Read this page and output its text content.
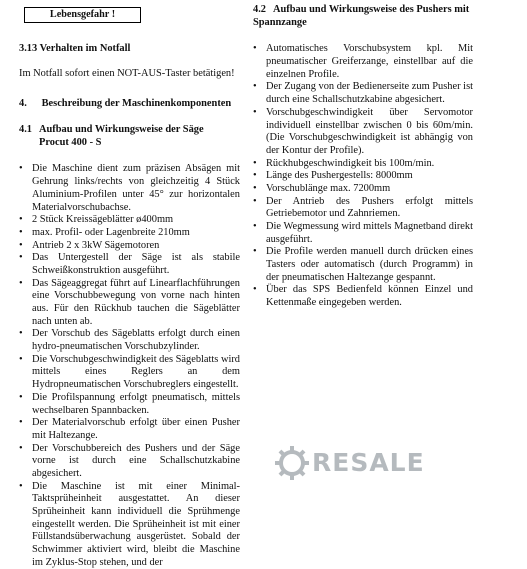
Lebensgefahr !
3.13 Verhalten im Notfall

Im Notfall sofort einen NOT-AUS-Taster betätigen!

4. Beschreibung der Maschinenkomponenten
4.1 Aufbau und Wirkungsweise der Säge
Procut 400 - S
• Die Maschine dient zum präzisen Absägen mit Gehrung links/rechts von gleichzeitig 4 Stück Aluminium-Profilen unter 45° zur horizontalen Materialvorschubachse.
• 2 Stück Kreissägeblätter ø400mm
• max. Profil- oder Lagenbreite 210mm
• Antrieb 2 x 3kW Sägemotoren
• Das Untergestell der Säge ist als stabile Schweißkonstruktion ausgeführt.
• Das Sägeaggregat führt auf Linearflachführungen eine Vorschubbewegung von vorne nach hinten aus. Für den Rückhub tauchen die Sägeblätter nach unten ab.
• Der Vorschub des Sägeblatts erfolgt durch einen hydro-pneumatischen Vorschubzylinder.
• Die Vorschubgeschwindigkeit des Sägeblatts wird mittels eines Reglers an dem Hydropneumatischen Vorschubreglers eingestellt.
• Die Profilspannung erfolgt pneumatisch, mittels wechselbaren Spannbacken.
• Der Materialvorschub erfolgt über einen Pusher mit Haltezange.
• Der Vorschubbereich des Pushers und der Säge vorne ist durch eine Schallschutzkabine abgesichert.
• Die Maschine ist mit einer Minimal-Taktsprüheinheit ausgestattet. An dieser Sprüheinheit kann individuell die Sprühmenge eingestellt werden. Die Sprüheinheit ist mit einer Füllstandsüberwachung ausgerüstet. Sobald der Schwimmer aktiviert wird, bleibt die Maschine im Zyklus-Stop stehen, und der
4.2 Aufbau und Wirkungsweise des Pushers mit Spannzange
• Automatisches Vorschubsystem kpl. Mit pneumatischer Greiferzange, einstellbar auf die einzelnen Profile.
• Der Zugang von der Bedienerseite zum Pusher ist durch eine Schallschutzkabine abgesichert.
• Vorschubgeschwindigkeit über Servomotor individuell einstellbar zwischen 0 bis 60m/min. (Die Vorschubgeschwindigkeit ist abhängig von der Kontur der Profile).
• Rückhubgeschwindigkeit bis 100m/min.
• Länge des Pushergestells: 8000mm
• Vorschublänge max. 7200mm
• Der Antrieb des Pushers erfolgt mittels Getriebemotor und Zahnriemen.
• Die Wegmessung wird mittels Magnetband direkt ausgeführt.
• Die Profile werden manuell durch drücken eines Tasters oder automatisch (durch Programm) in der pneumatischen Haltezange gespannt.
• Über das SPS Bedienfeld können Einzel und Kettenmaße eingegeben werden.
RESALE
